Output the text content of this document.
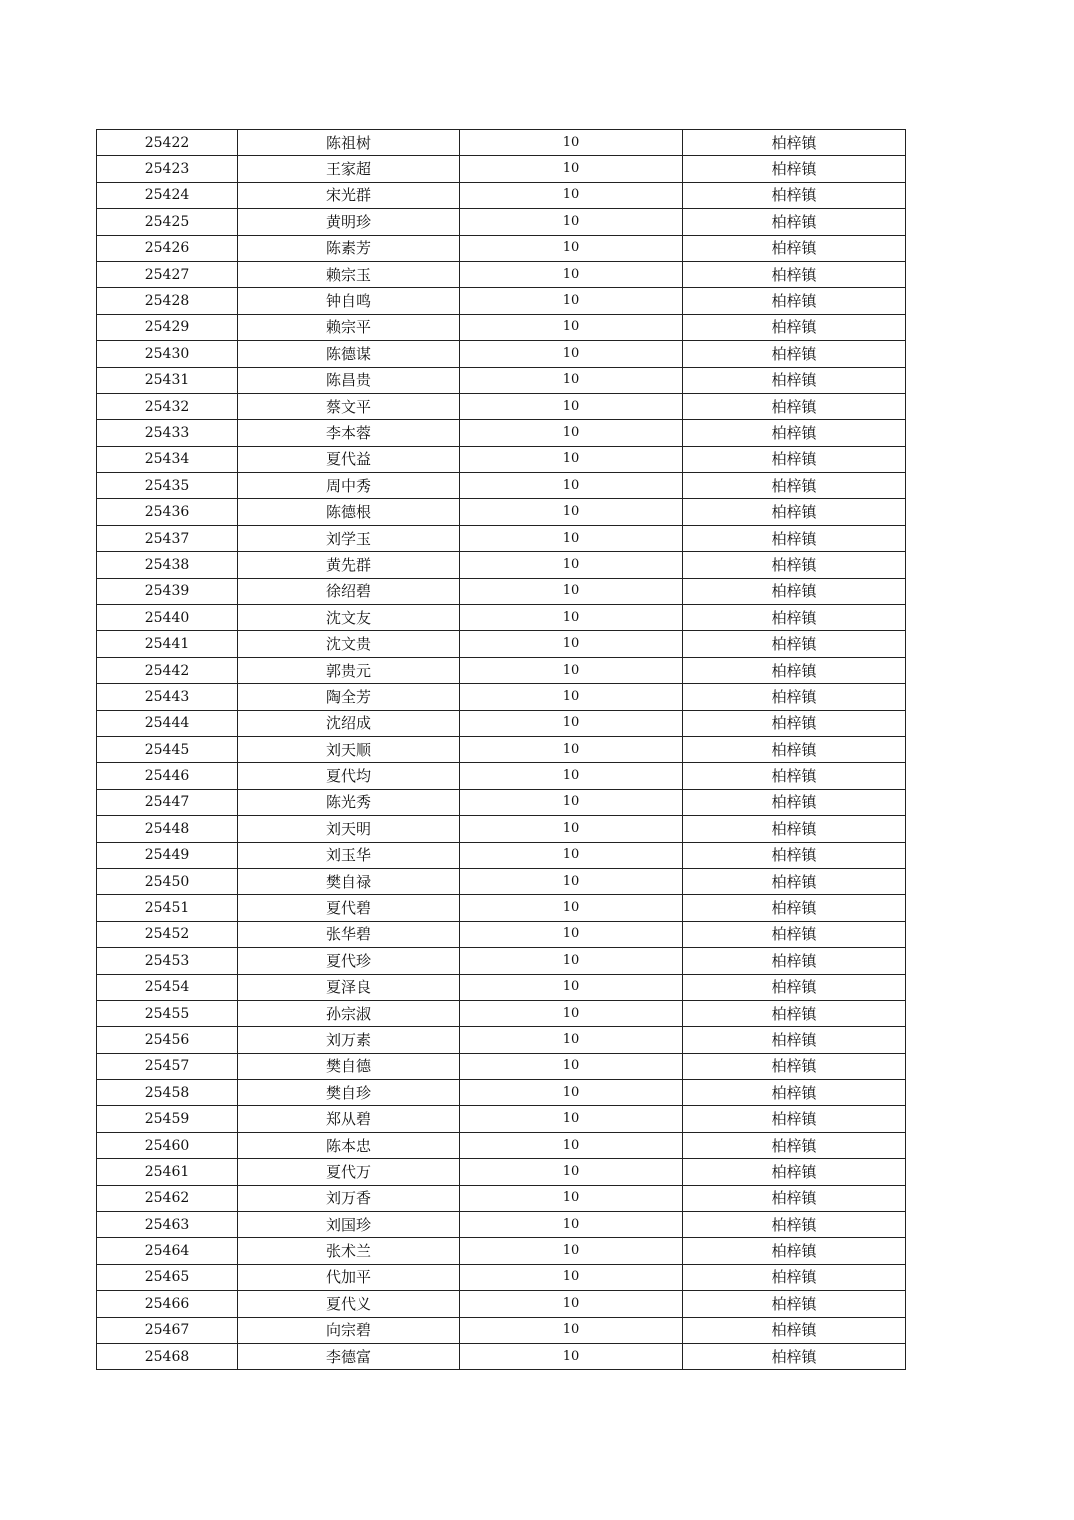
25422	陈祖树	10	柏梓镇
25423	王家超	10	柏梓镇
25424	宋光群	10	柏梓镇
25425	黄明珍	10	柏梓镇
25426	陈素芳	10	柏梓镇
25427	赖宗玉	10	柏梓镇
25428	钟自鸣	10	柏梓镇
25429	赖宗平	10	柏梓镇
25430	陈德谋	10	柏梓镇
25431	陈昌贵	10	柏梓镇
25432	蔡文平	10	柏梓镇
25433	李本蓉	10	柏梓镇
25434	夏代益	10	柏梓镇
25435	周中秀	10	柏梓镇
25436	陈德根	10	柏梓镇
25437	刘学玉	10	柏梓镇
25438	黄先群	10	柏梓镇
25439	徐绍碧	10	柏梓镇
25440	沈文友	10	柏梓镇
25441	沈文贵	10	柏梓镇
25442	郭贵元	10	柏梓镇
25443	陶全芳	10	柏梓镇
25444	沈绍成	10	柏梓镇
25445	刘天顺	10	柏梓镇
25446	夏代均	10	柏梓镇
25447	陈光秀	10	柏梓镇
25448	刘天明	10	柏梓镇
25449	刘玉华	10	柏梓镇
25450	樊自禄	10	柏梓镇
25451	夏代碧	10	柏梓镇
25452	张华碧	10	柏梓镇
25453	夏代珍	10	柏梓镇
25454	夏泽良	10	柏梓镇
25455	孙宗淑	10	柏梓镇
25456	刘万素	10	柏梓镇
25457	樊自德	10	柏梓镇
25458	樊自珍	10	柏梓镇
25459	郑从碧	10	柏梓镇
25460	陈本忠	10	柏梓镇
25461	夏代万	10	柏梓镇
25462	刘万香	10	柏梓镇
25463	刘国珍	10	柏梓镇
25464	张术兰	10	柏梓镇
25465	代加平	10	柏梓镇
25466	夏代义	10	柏梓镇
25467	向宗碧	10	柏梓镇
25468	李德富	10	柏梓镇
